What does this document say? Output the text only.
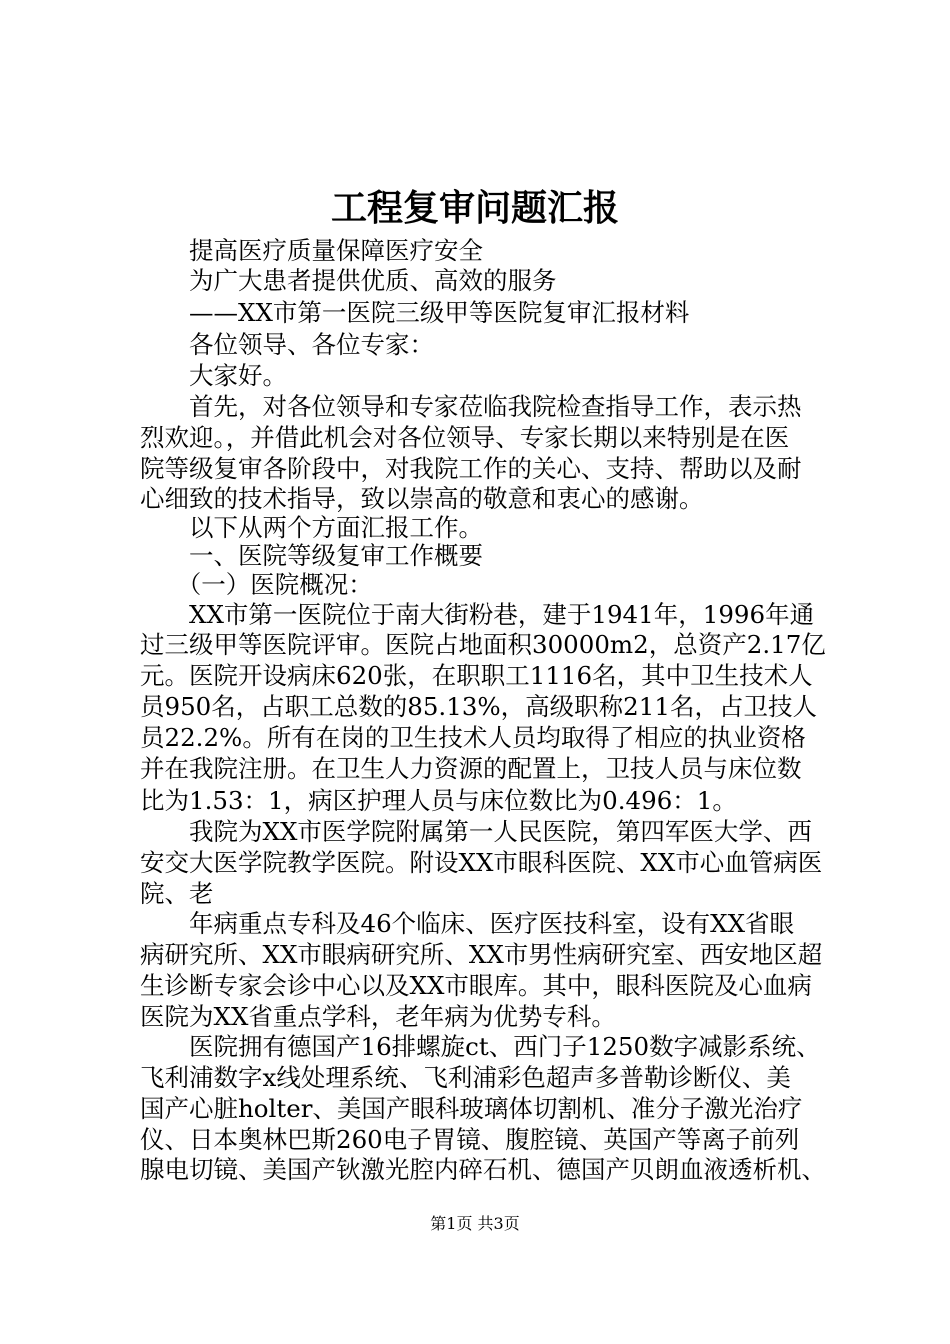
工程复审问题汇报

　　提高医疗质量保障医疗安全

　　为广大患者提供优质、高效的服务

　　——XX市第一医院三级甲等医院复审汇报材料

　　各位领导、各位专家：

　　大家好。

　　首先，对各位领导和专家莅临我院检查指导工作，表示热

烈欢迎。，并借此机会对各位领导、专家长期以来特别是在医

院等级复审各阶段中，对我院工作的关心、支持、帮助以及耐

心细致的技术指导，致以崇高的敬意和衷心的感谢。

　　以下从两个方面汇报工作。

　　一、医院等级复审工作概要

　　（一）医院概况：

　　XX市第一医院位于南大街粉巷，建于1941年，1996年通

过三级甲等医院评审。医院占地面积30000m2，总资产2.17亿

元。医院开设病床620张，在职职工1116名，其中卫生技术人

员950名，占职工总数的85.13%，高级职称211名，占卫技人

员22.2%。所有在岗的卫生技术人员均取得了相应的执业资格

并在我院注册。在卫生人力资源的配置上，卫技人员与床位数

比为1.53：1，病区护理人员与床位数比为0.496：1。

　　我院为XX市医学院附属第一人民医院，第四军医大学、西

安交大医学院教学医院。附设XX市眼科医院、XX市心血管病医

院、老

　　年病重点专科及46个临床、医疗医技科室，设有XX省眼

病研究所、XX市眼病研究所、XX市男性病研究室、西安地区超

生诊断专家会诊中心以及XX市眼库。其中，眼科医院及心血病

医院为XX省重点学科，老年病为优势专科。

　　医院拥有德国产16排螺旋ct、西门子1250数字减影系统、

飞利浦数字x线处理系统、飞利浦彩色超声多普勒诊断仪、美

国产心脏holter、美国产眼科玻璃体切割机、准分子激光治疗

仪、日本奥林巴斯260电子胃镜、腹腔镜、英国产等离子前列

腺电切镜、美国产钬激光腔内碎石机、德国产贝朗血液透析机、

第1页 共3页
